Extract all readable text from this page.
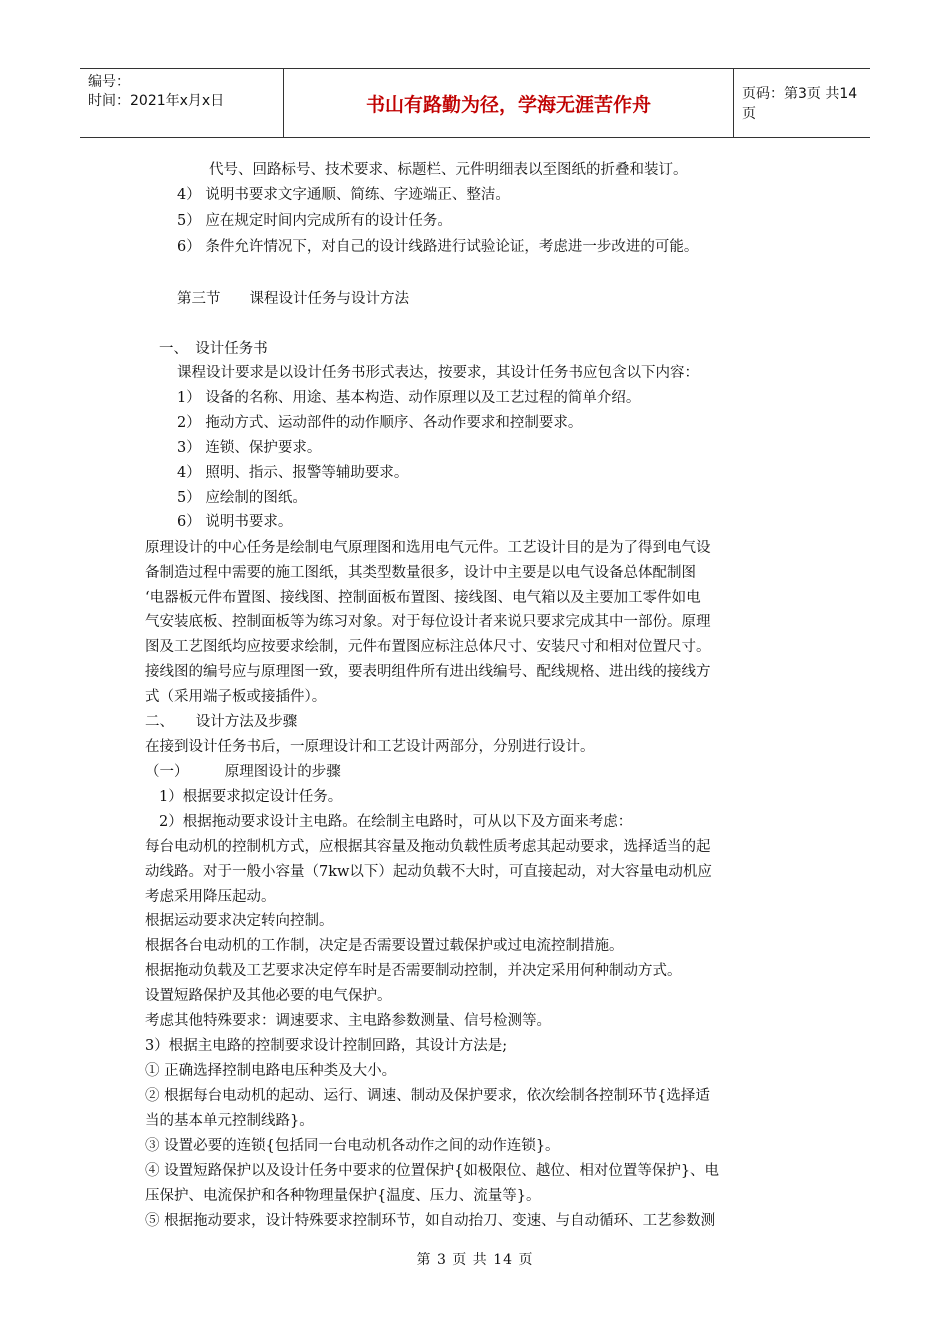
编号：
时间：2021年x月x日	书山有路勤为径，学海无涯苦作舟	页码：第3页 共14页
代号、回路标号、技术要求、标题栏、元件明细表以至图纸的折叠和装订。
4） 说明书要求文字通顺、简练、字迹端正、整洁。
5） 应在规定时间内完成所有的设计任务。
6） 条件允许情况下，对自己的设计线路进行试验论证，考虑进一步改进的可能。
第三节　　课程设计任务与设计方法
一、　设计任务书
课程设计要求是以设计任务书形式表达，按要求，其设计任务书应包含以下内容：
1） 设备的名称、用途、基本构造、动作原理以及工艺过程的简单介绍。
2） 拖动方式、运动部件的动作顺序、各动作要求和控制要求。
3） 连锁、保护要求。
4） 照明、指示、报警等辅助要求。
5） 应绘制的图纸。
6） 说明书要求。
原理设计的中心任务是绘制电气原理图和选用电气元件。工艺设计目的是为了得到电气设
备制造过程中需要的施工图纸，其类型数量很多，设计中主要是以电气设备总体配制图
‘电器板元件布置图、接线图、控制面板布置图、接线图、电气箱以及主要加工零件如电
气安装底板、控制面板等为练习对象。对于每位设计者来说只要求完成其中一部份。原理
图及工艺图纸均应按要求绘制，元件布置图应标注总体尺寸、安装尺寸和相对位置尺寸。
接线图的编号应与原理图一致，要表明组件所有进出线编号、配线规格、进出线的接线方
式（采用端子板或接插件）。
二、　　设计方法及步骤
在接到设计任务书后，一原理设计和工艺设计两部分，分别进行设计。
（一）　　　原理图设计的步骤
1）根据要求拟定设计任务。
2）根据拖动要求设计主电路。在绘制主电路时，可从以下及方面来考虑：
每台电动机的控制机方式，应根据其容量及拖动负载性质考虑其起动要求，选择适当的起
动线路。对于一般小容量（7kw以下）起动负载不大时，可直接起动，对大容量电动机应
考虑采用降压起动。
根据运动要求决定转向控制。
根据各台电动机的工作制，决定是否需要设置过载保护或过电流控制措施。
根据拖动负载及工艺要求决定停车时是否需要制动控制，并决定采用何种制动方式。
设置短路保护及其他必要的电气保护。
考虑其他特殊要求：调速要求、主电路参数测量、信号检测等。
3）根据主电路的控制要求设计控制回路，其设计方法是;
① 正确选择控制电路电压种类及大小。
② 根据每台电动机的起动、运行、调速、制动及保护要求，依次绘制各控制环节{选择适
当的基本单元控制线路}。
③ 设置必要的连锁{包括同一台电动机各动作之间的动作连锁}。
④ 设置短路保护以及设计任务中要求的位置保护{如极限位、越位、相对位置等保护}、电
压保护、电流保护和各种物理量保护{温度、压力、流量等}。
⑤ 根据拖动要求，设计特殊要求控制环节，如自动抬刀、变速、与自动循环、工艺参数测
第 3 页 共 14 页
